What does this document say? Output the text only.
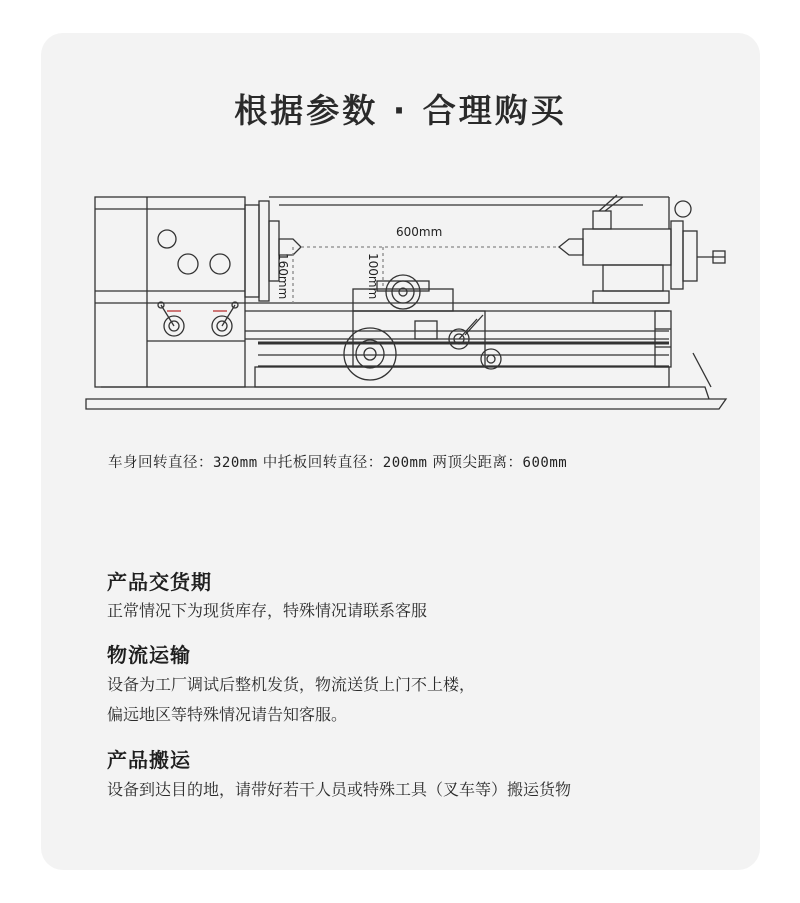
根据参数 · 合理购买
600mm
160mm	100mm
车身回转直径：320mm 中托板回转直径：200mm 两顶尖距离：600mm
产品交货期
正常情况下为现货库存，特殊情况请联系客服
物流运输
设备为工厂调试后整机发货，物流送货上门不上楼，
偏远地区等特殊情况请告知客服。
产品搬运
设备到达目的地，请带好若干人员或特殊工具（叉车等）搬运货物
